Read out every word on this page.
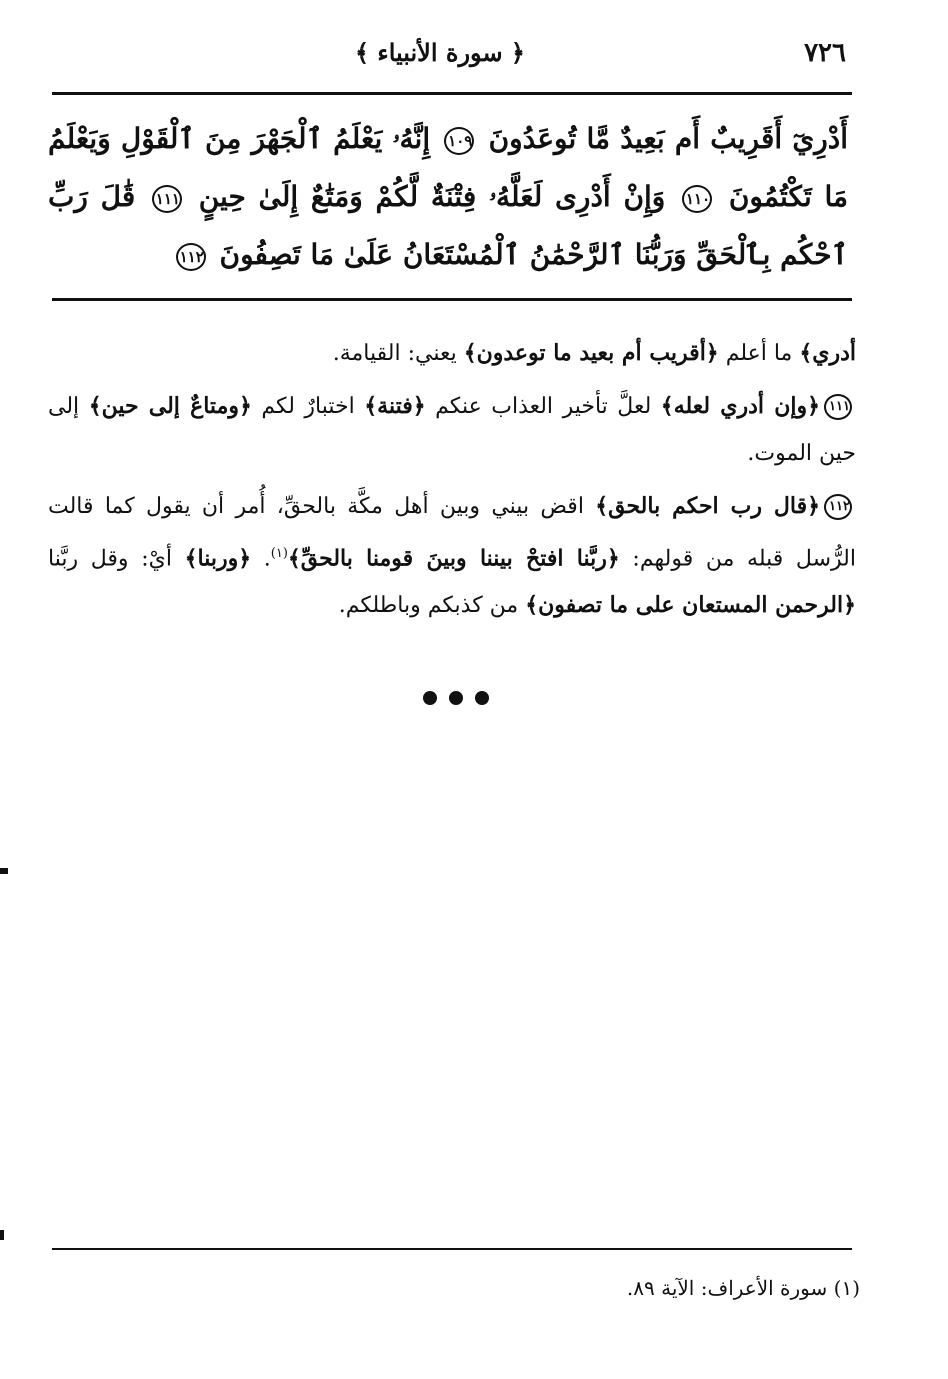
٧٢٦
﴿ سورة الأنبياء ﴾
أَدْرِيٓ أَقَرِيبٌ أَم بَعِيدٌ مَّا تُوعَدُونَ ١٠٩ إِنَّهُۥ يَعْلَمُ ٱلْجَهْرَ مِنَ ٱلْقَوْلِ وَيَعْلَمُ مَا تَكْتُمُونَ ١١٠ وَإِنْ أَدْرِى لَعَلَّهُۥ فِتْنَةٌ لَّكُمْ وَمَتَٰعٌ إِلَىٰ حِينٍ ١١١ قَٰلَ رَبِّ ٱحْكُم بِٱلْحَقِّ وَرَبُّنَا ٱلرَّحْمَٰنُ ٱلْمُسْتَعَانُ عَلَىٰ مَا تَصِفُونَ ١١٢

أدري﴾ ما أعلم ﴿أقريب أم بعيد ما توعدون﴾ يعني: القيامة.

١١١﴿وإن أدري لعله﴾ لعلَّ تأخير العذاب عنكم ﴿فتنة﴾ اختبارٌ لكم ﴿ومتاعٌ إلى حين﴾ إلى حين الموت.

١١٢﴿قال رب احكم بالحق﴾ اقض بيني وبين أهل مكَّة بالحقِّ، أُمر أن يقول كما قالت الرُّسل قبله من قولهم: ﴿ربَّنا افتحْ بيننا وبينَ قومنا بالحقِّ﴾$^{(١)}$. ﴿وربنا﴾ أيْ: وقل ربَّنا ﴿الرحمن المستعان على ما تصفون﴾ من كذبكم وباطلكم.

(١) سورة الأعراف: الآية ٨٩.
